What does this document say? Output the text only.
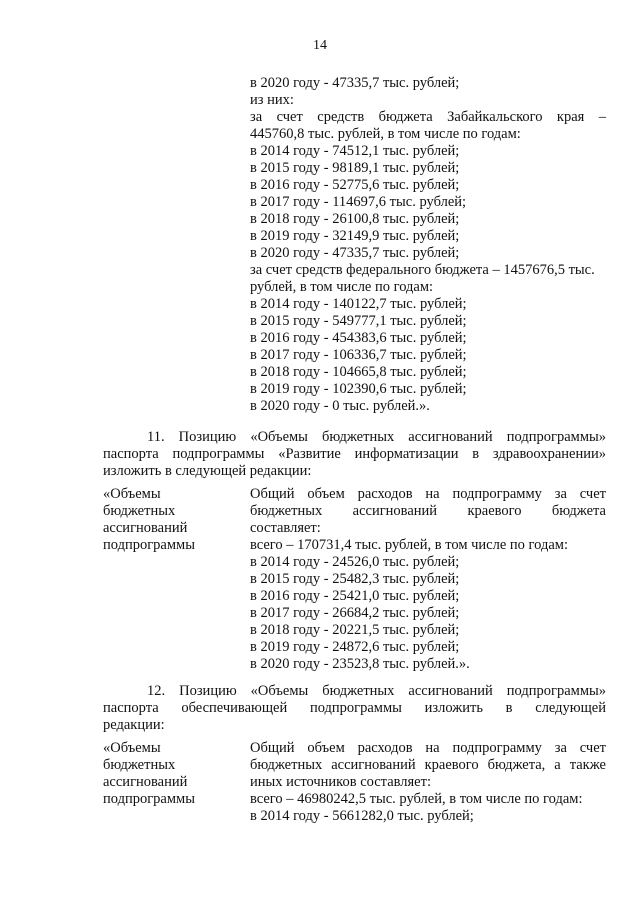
14
в 2020 году - 47335,7 тыс. рублей;
из них:
за счет средств бюджета Забайкальского края –
445760,8 тыс. рублей, в том числе по годам:
в 2014 году - 74512,1 тыс. рублей;
в 2015 году - 98189,1 тыс. рублей;
в 2016 году - 52775,6 тыс. рублей;
в 2017 году - 114697,6 тыс. рублей;
в 2018 году - 26100,8 тыс. рублей;
в 2019 году - 32149,9 тыс. рублей;
в 2020 году - 47335,7 тыс. рублей;
за счет средств федерального бюджета – 1457676,5 тыс.
рублей, в том числе по годам:
в 2014 году - 140122,7 тыс. рублей;
в 2015 году - 549777,1 тыс. рублей;
в 2016 году - 454383,6 тыс. рублей;
в 2017 году - 106336,7 тыс. рублей;
в 2018 году - 104665,8 тыс. рублей;
в 2019 году - 102390,6 тыс. рублей;
в 2020 году - 0 тыс. рублей.».
11. Позицию «Объемы бюджетных ассигнований подпрограммы»
паспорта подпрограммы «Развитие информатизации в здравоохранении»
изложить в следующей редакции:
«Объемы
бюджетных
ассигнований
подпрограммы
Общий объем расходов на подпрограмму за счет
бюджетных ассигнований краевого бюджета
составляет:
всего – 170731,4 тыс. рублей, в том числе по годам:
в 2014 году - 24526,0 тыс. рублей;
в 2015 году - 25482,3 тыс. рублей;
в 2016 году - 25421,0 тыс. рублей;
в 2017 году - 26684,2 тыс. рублей;
в 2018 году - 20221,5 тыс. рублей;
в 2019 году - 24872,6 тыс. рублей;
в 2020 году - 23523,8 тыс. рублей.».
12. Позицию «Объемы бюджетных ассигнований подпрограммы»
паспорта обеспечивающей подпрограммы изложить в следующей
редакции:
«Объемы
бюджетных
ассигнований
подпрограммы
Общий объем расходов на подпрограмму за счет
бюджетных ассигнований краевого бюджета, а также
иных источников составляет:
всего – 46980242,5 тыс. рублей, в том числе по годам:
в 2014 году - 5661282,0 тыс. рублей;
